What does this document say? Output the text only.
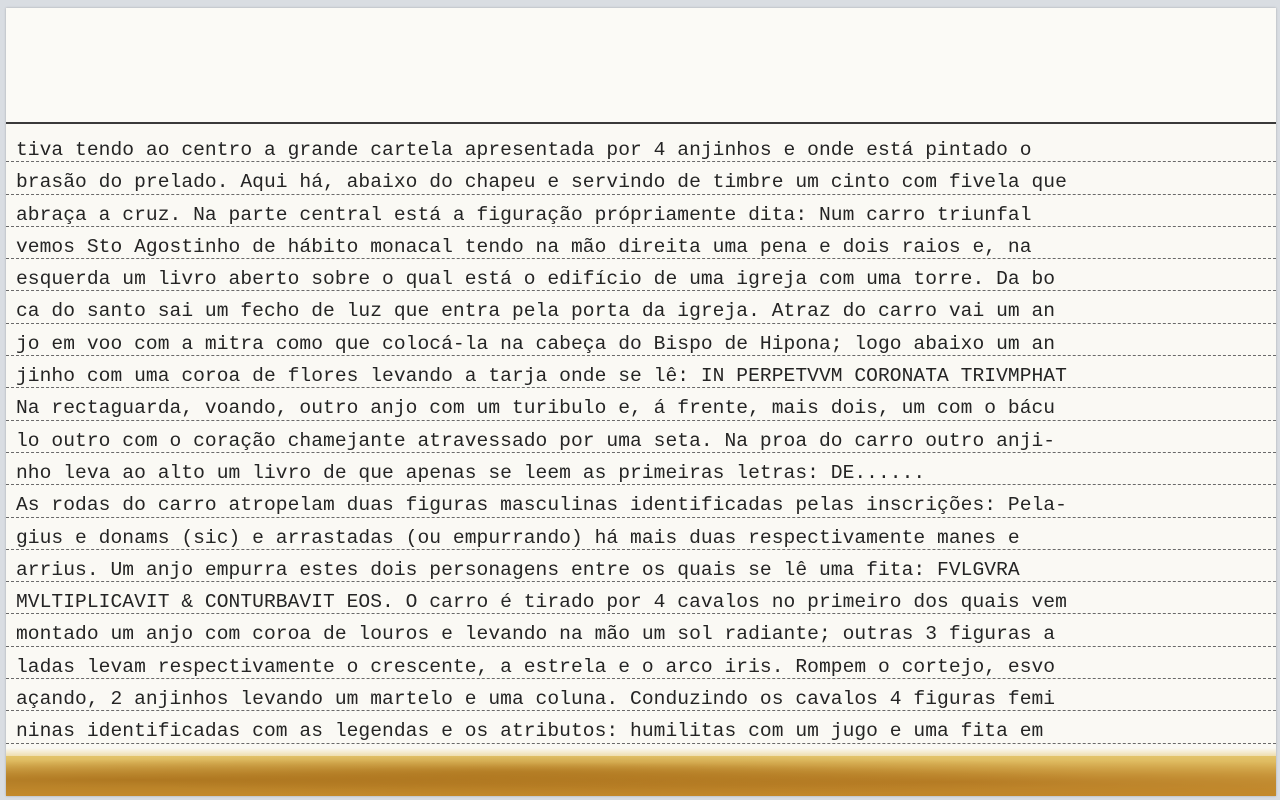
tiva tendo ao centro a grande cartela apresentada por 4 anjinhos e onde está pintado o
brasão do prelado. Aqui há, abaixo do chapeu e servindo de timbre um cinto com fivela que
abraça a cruz. Na parte central está a figuração própriamente dita: Num carro triunfal
vemos Sto Agostinho de hábito monacal tendo na mão direita uma pena e dois raios e, na
esquerda um livro aberto sobre o qual está o edifício de uma igreja com uma torre. Da bo
ca do santo sai um fecho de luz que entra pela porta da igreja. Atraz do carro vai um an
jo em voo com a mitra como que colocá-la na cabeça do Bispo de Hipona; logo abaixo um an
jinho com uma coroa de flores levando a tarja onde se lê: IN PERPETVVM CORONATA TRIVMPHAT
Na rectaguarda, voando, outro anjo com um turibulo e, á frente, mais dois, um com o bácu
lo outro com o coração chamejante atravessado por uma seta. Na proa do carro outro anji-
nho leva ao alto um livro de que apenas se leem as primeiras letras: DE......
As rodas do carro atropelam duas figuras masculinas identificadas pelas inscrições: Pela-
gius e donams (sic) e arrastadas (ou empurrando) há mais duas respectivamente manes e
arrius. Um anjo empurra estes dois personagens entre os quais se lê uma fita: FVLGVRA
MVLTIPLICAVIT & CONTURBAVIT EOS. O carro é tirado por 4 cavalos no primeiro dos quais vem
montado um anjo com coroa de louros e levando na mão um sol radiante; outras 3 figuras a
ladas levam respectivamente o crescente, a estrela e o arco iris. Rompem o cortejo, esvo
açando, 2 anjinhos levando um martelo e uma coluna. Conduzindo os cavalos 4 figuras femi
ninas identificadas com as legendas e os atributos: humilitas com um jugo e uma fita em
